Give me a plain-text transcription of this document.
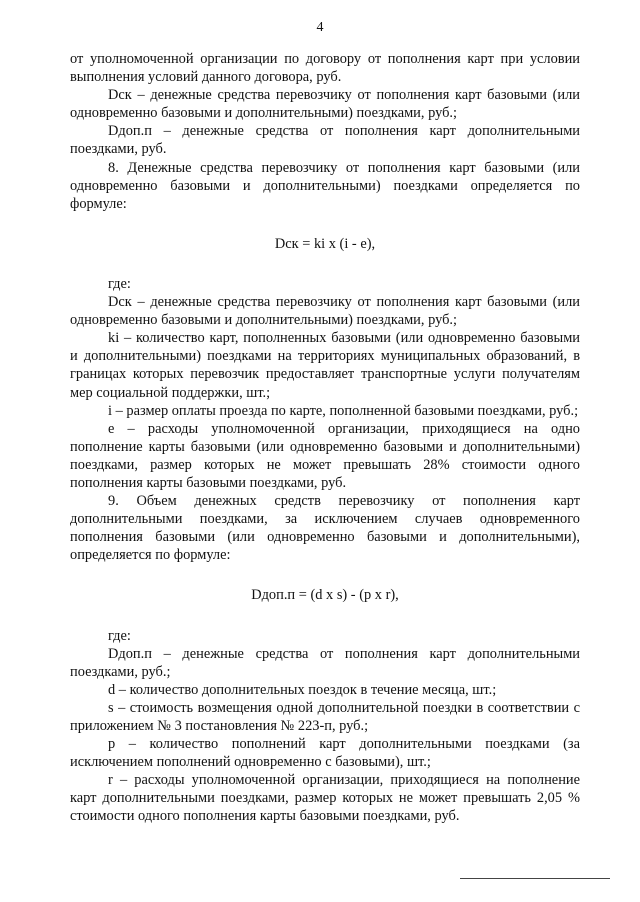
4

от уполномоченной организации по договору от пополнения карт при условии выполнения условий данного договора, руб.

Dск – денежные средства перевозчику от пополнения карт базовыми (или одновременно базовыми и дополнительными) поездками, руб.;

Dдоп.п – денежные средства от пополнения карт дополнительными поездками, руб.

8. Денежные средства перевозчику от пополнения карт базовыми (или одновременно базовыми и дополнительными) поездками определяется по формуле:

Dск = ki x (i - e),

где:

Dск – денежные средства перевозчику от пополнения карт базовыми (или одновременно базовыми и дополнительными) поездками, руб.;

ki – количество карт, пополненных базовыми (или одновременно базовыми и дополнительными) поездками на территориях муниципальных образований, в границах которых перевозчик предоставляет транспортные услуги получателям мер социальной поддержки, шт.;

i – размер оплаты проезда по карте, пополненной базовыми поездками, руб.;

e – расходы уполномоченной организации, приходящиеся на одно пополнение карты базовыми (или одновременно базовыми и дополнительными) поездками, размер которых не может превышать 28% стоимости одного пополнения карты базовыми поездками, руб.

9. Объем денежных средств перевозчику от пополнения карт дополнительными поездками, за исключением случаев одновременного пополнения базовыми (или одновременно базовыми и дополнительными), определяется по формуле:

Dдоп.п = (d x s) - (p x r),

где:

Dдоп.п – денежные средства от пополнения карт дополнительными поездками, руб.;

d – количество дополнительных поездок в течение месяца, шт.;

s – стоимость возмещения одной дополнительной поездки в соответствии с приложением № 3 постановления № 223-п, руб.;

p – количество пополнений карт дополнительными поездками (за исключением пополнений одновременно с базовыми), шт.;

r – расходы уполномоченной организации, приходящиеся на пополнение карт дополнительными поездками, размер которых не может превышать 2,05 % стоимости одного пополнения карты базовыми поездками, руб.
